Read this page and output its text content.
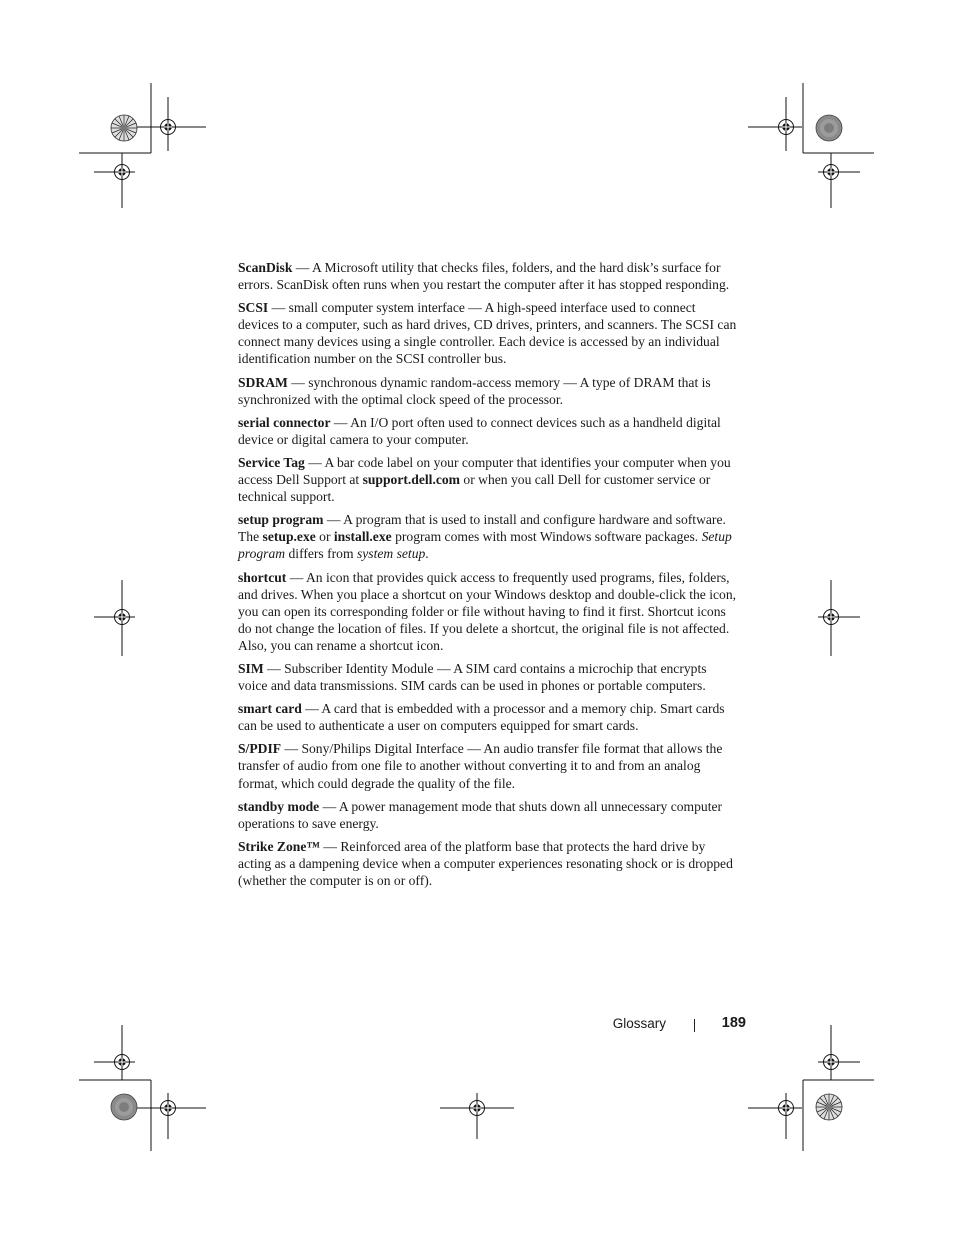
ScanDisk — A Microsoft utility that checks files, folders, and the hard disk’s surface for errors. ScanDisk often runs when you restart the computer after it has stopped responding.

SCSI — small computer system interface — A high-speed interface used to connect devices to a computer, such as hard drives, CD drives, printers, and scanners. The SCSI can connect many devices using a single controller. Each device is accessed by an individual identification number on the SCSI controller bus.

SDRAM — synchronous dynamic random-access memory — A type of DRAM that is synchronized with the optimal clock speed of the processor.

serial connector — An I/O port often used to connect devices such as a handheld digital device or digital camera to your computer.

Service Tag — A bar code label on your computer that identifies your computer when you access Dell Support at support.dell.com or when you call Dell for customer service or technical support.

setup program — A program that is used to install and configure hardware and software. The setup.exe or install.exe program comes with most Windows software packages. Setup program differs from system setup.

shortcut — An icon that provides quick access to frequently used programs, files, folders, and drives. When you place a shortcut on your Windows desktop and double-click the icon, you can open its corresponding folder or file without having to find it first. Shortcut icons do not change the location of files. If you delete a shortcut, the original file is not affected. Also, you can rename a shortcut icon.

SIM — Subscriber Identity Module — A SIM card contains a microchip that encrypts voice and data transmissions. SIM cards can be used in phones or portable computers.

smart card — A card that is embedded with a processor and a memory chip. Smart cards can be used to authenticate a user on computers equipped for smart cards.

S/PDIF — Sony/Philips Digital Interface — An audio transfer file format that allows the transfer of audio from one file to another without converting it to and from an analog format, which could degrade the quality of the file.

standby mode — A power management mode that shuts down all unnecessary computer operations to save energy.

Strike Zone™ — Reinforced area of the platform base that protects the hard drive by acting as a dampening device when a computer experiences resonating shock or is dropped (whether the computer is on or off).

Glossary	189
